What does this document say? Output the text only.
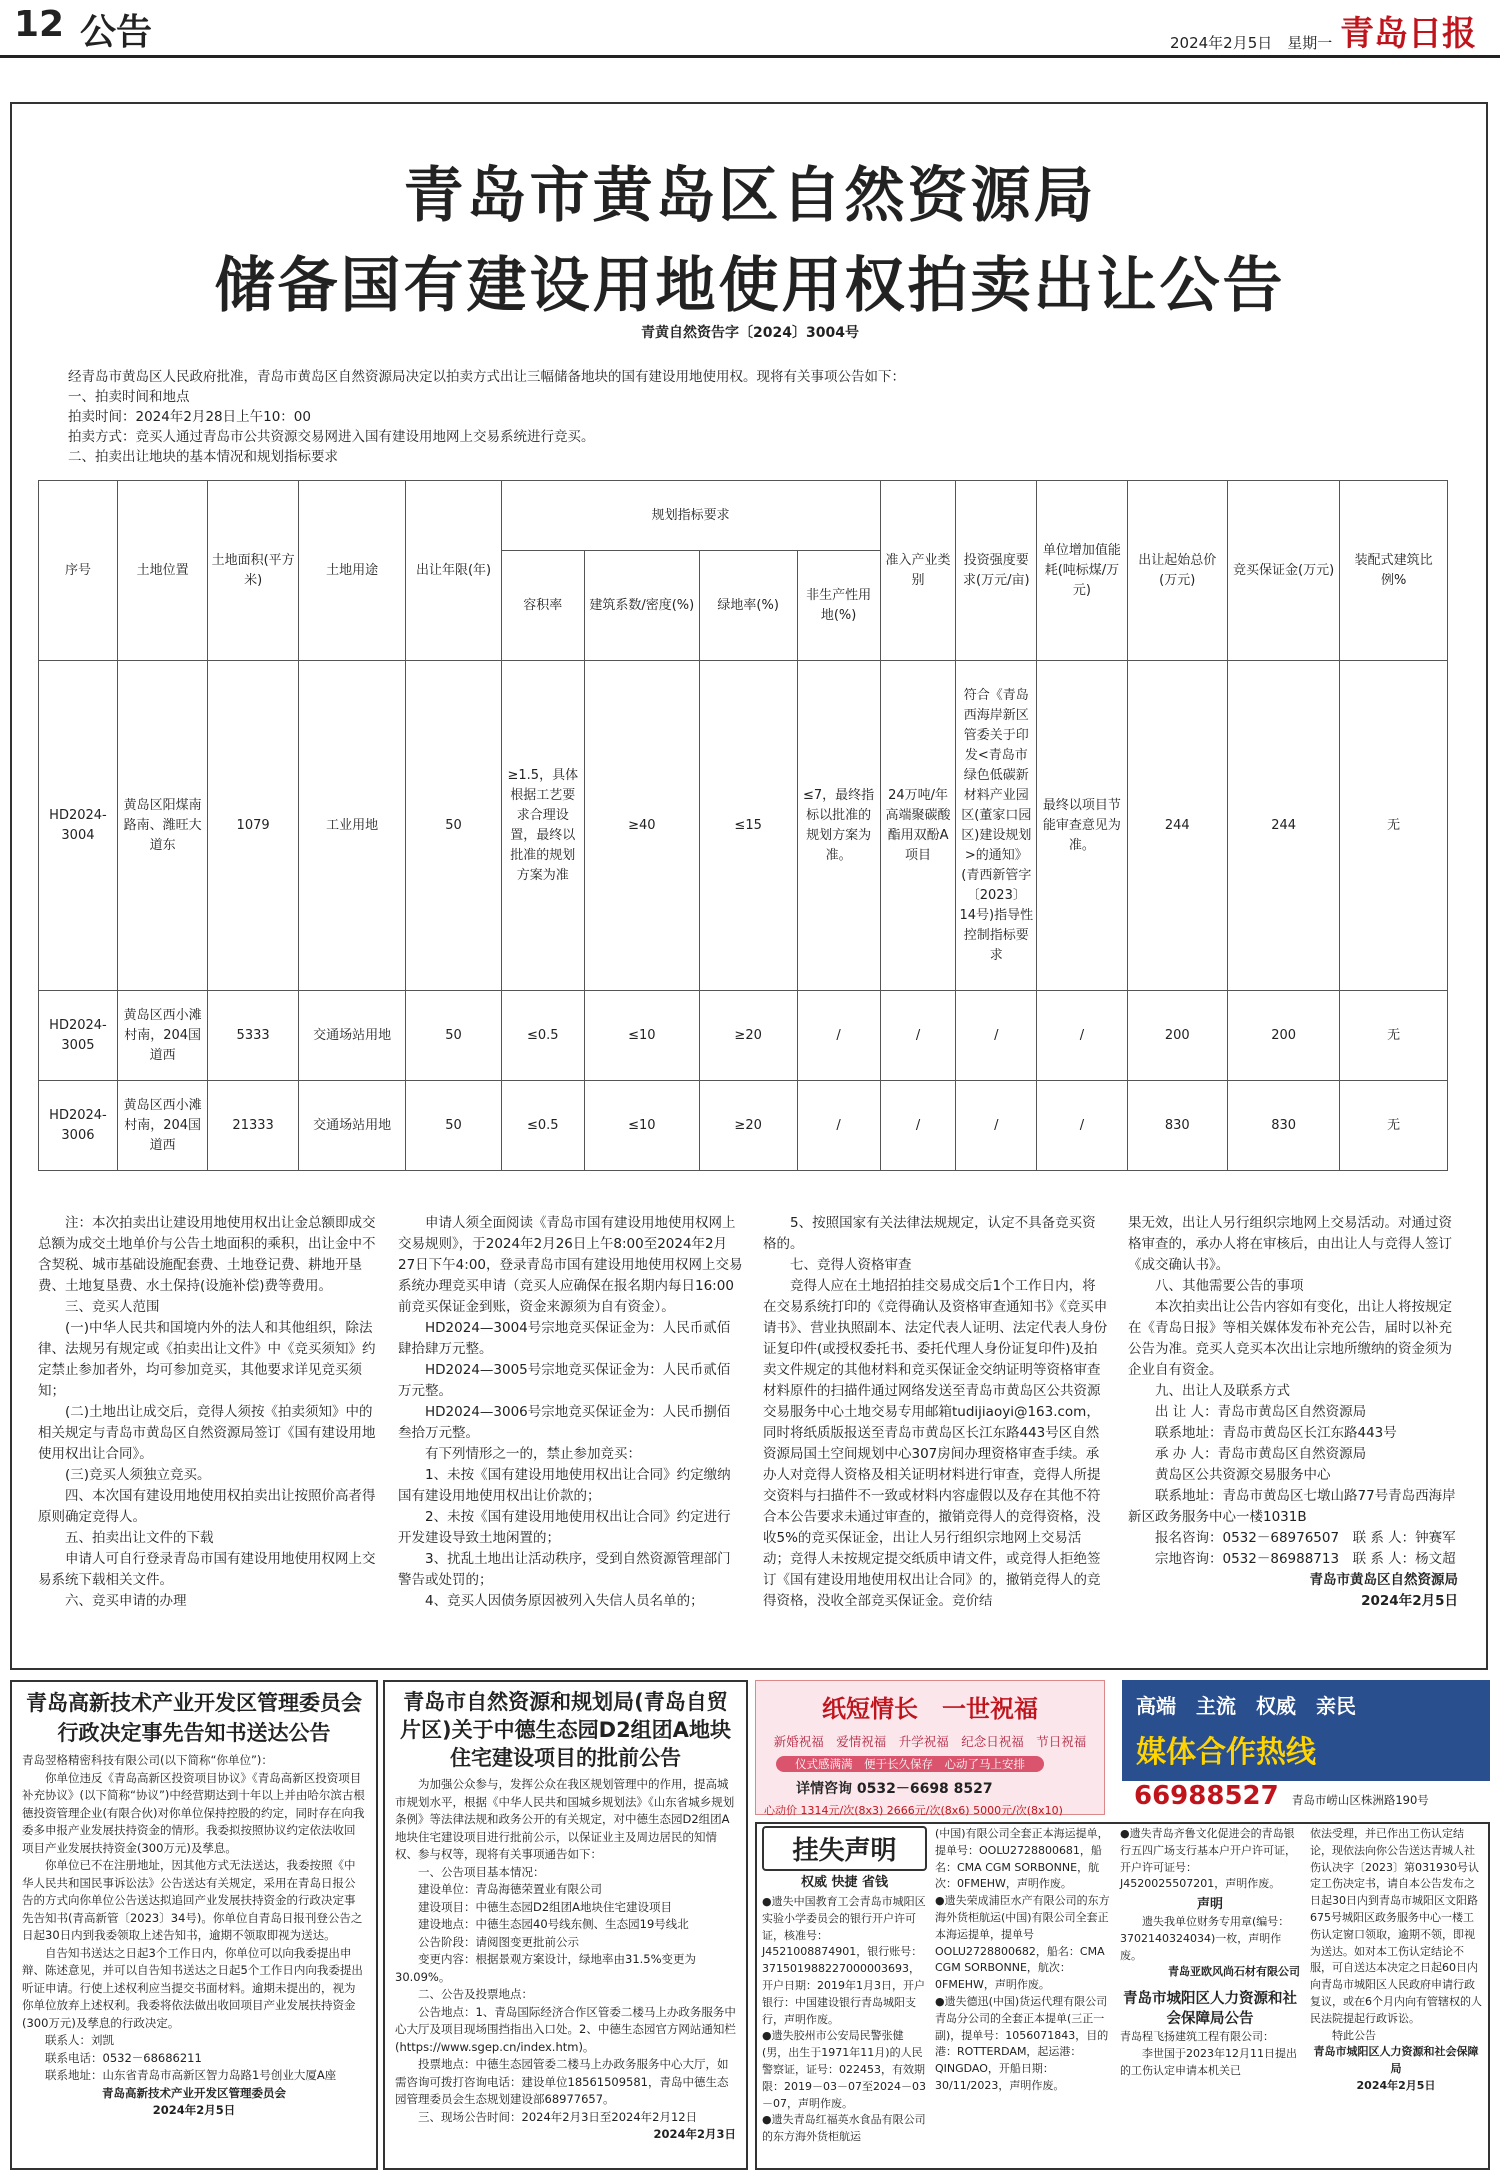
12 公告	2024年2月5日　星期一 青岛日报
青岛市黄岛区自然资源局
储备国有建设用地使用权拍卖出让公告
青黄自然资告字〔2024〕3004号
经青岛市黄岛区人民政府批准，青岛市黄岛区自然资源局决定以拍卖方式出让三幅储备地块的国有建设用地使用权。现将有关事项公告如下：
一、拍卖时间和地点
拍卖时间：2024年2月28日上午10：00
拍卖方式：竞买人通过青岛市公共资源交易网进入国有建设用地网上交易系统进行竞买。
二、拍卖出让地块的基本情况和规划指标要求
序号	土地位置	土地面积(平方米)	土地用途	出让年限(年)	规划指标要求				准入产业类别	投资强度要求(万元/亩)	单位增加值能耗(吨标煤/万元)	出让起始总价(万元)	竞买保证金(万元)	装配式建筑比例%
					容积率	建筑系数/密度(%)	绿地率(%)	非生产性用地(%)						
HD2024-3004	黄岛区阳煤南路南、潍旺大道东	1079	工业用地	50	≥1.5，具体根据工艺要求合理设置，最终以批准的规划方案为准	≥40	≤15	≤7，最终指标以批准的规划方案为准。	24万吨/年高端聚碳酸酯用双酚A项目	符合《青岛西海岸新区管委关于印发<青岛市绿色低碳新材料产业园区(董家口园区)建设规划>的通知》(青西新管字〔2023〕14号)指导性控制指标要求	最终以项目节能审查意见为准。	244	244	无
HD2024-3005	黄岛区西小滩村南，204国道西	5333	交通场站用地	50	≤0.5	≤10	≥20	/	/	/	/	200	200	无
HD2024-3006	黄岛区西小滩村南，204国道西	21333	交通场站用地	50	≤0.5	≤10	≥20	/	/	/	/	830	830	无

注：本次拍卖出让建设用地使用权出让金总额即成交总额为成交土地单价与公告土地面积的乘积，出让金中不含契税、城市基础设施配套费、土地登记费、耕地开垦费、土地复垦费、水土保持(设施补偿)费等费用。

三、竞买人范围

(一)中华人民共和国境内外的法人和其他组织，除法律、法规另有规定或《拍卖出让文件》中《竞买须知》约定禁止参加者外，均可参加竞买，其他要求详见竞买须知；

(二)土地出让成交后，竞得人须按《拍卖须知》中的相关规定与青岛市黄岛区自然资源局签订《国有建设用地使用权出让合同》。

(三)竞买人须独立竞买。

四、本次国有建设用地使用权拍卖出让按照价高者得原则确定竞得人。

五、拍卖出让文件的下载

申请人可自行登录青岛市国有建设用地使用权网上交易系统下载相关文件。

六、竞买申请的办理

申请人须全面阅读《青岛市国有建设用地使用权网上交易规则》，于2024年2月26日上午8:00至2024年2月27日下午4:00，登录青岛市国有建设用地使用权网上交易系统办理竞买申请（竞买人应确保在报名期内每日16:00前竞买保证金到账，资金来源须为自有资金）。

HD2024—3004号宗地竞买保证金为：人民币贰佰肆拾肆万元整。

HD2024—3005号宗地竞买保证金为：人民币贰佰万元整。

HD2024—3006号宗地竞买保证金为：人民币捌佰叁拾万元整。

有下列情形之一的，禁止参加竞买：

1、未按《国有建设用地使用权出让合同》约定缴纳国有建设用地使用权出让价款的；

2、未按《国有建设用地使用权出让合同》约定进行开发建设导致土地闲置的；

3、扰乱土地出让活动秩序，受到自然资源管理部门警告或处罚的；

4、竞买人因债务原因被列入失信人员名单的；

5、按照国家有关法律法规规定，认定不具备竞买资格的。

七、竞得人资格审查

竞得人应在土地招拍挂交易成交后1个工作日内，将在交易系统打印的《竞得确认及资格审查通知书》《竞买申请书》、营业执照副本、法定代表人证明、法定代表人身份证复印件(或授权委托书、委托代理人身份证复印件)及拍卖文件规定的其他材料和竞买保证金交纳证明等资格审查材料原件的扫描件通过网络发送至青岛市黄岛区公共资源交易服务中心土地交易专用邮箱tudijiaoyi@163.com，同时将纸质版报送至青岛市黄岛区长江东路443号区自然资源局国土空间规划中心307房间办理资格审查手续。承办人对竞得人资格及相关证明材料进行审查，竞得人所提交资料与扫描件不一致或材料内容虚假以及存在其他不符合本公告要求未通过审查的，撤销竞得人的竞得资格，没收5%的竞买保证金，出让人另行组织宗地网上交易活动；竞得人未按规定提交纸质申请文件，或竞得人拒绝签订《国有建设用地使用权出让合同》的，撤销竞得人的竞得资格，没收全部竞买保证金。竞价结

果无效，出让人另行组织宗地网上交易活动。对通过资格审查的，承办人将在审核后，由出让人与竞得人签订《成交确认书》。

八、其他需要公告的事项

本次拍卖出让公告内容如有变化，出让人将按规定在《青岛日报》等相关媒体发布补充公告，届时以补充公告为准。竞买人竞买本次出让宗地所缴纳的资金须为企业自有资金。

九、出让人及联系方式

出 让 人：青岛市黄岛区自然资源局

联系地址：青岛市黄岛区长江东路443号

承 办 人：青岛市黄岛区自然资源局

黄岛区公共资源交易服务中心

联系地址：青岛市黄岛区七墩山路77号青岛西海岸新区政务服务中心一楼1031B

报名咨询：0532－68976507　联 系 人：钟赛军

宗地咨询：0532－86988713　联 系 人：杨文超

青岛市黄岛区自然资源局

2024年2月5日

青岛高新技术产业开发区管理委员会行政决定事先告知书送达公告

青岛翌格精密科技有限公司(以下简称“你单位”)：

你单位违反《青岛高新区投资项目协议》《青岛高新区投资项目补充协议》(以下简称“协议”)中经营期达到十年以上并由哈尔滨古根德投资管理企业(有限合伙)对你单位保持控股的约定，同时存在向我委多申报产业发展扶持资金的情形。我委拟按照协议约定依法收回项目产业发展扶持资金(300万元)及孳息。

你单位已不在注册地址，因其他方式无法送达，我委按照《中华人民共和国民事诉讼法》公告送达有关规定，采用在青岛日报公告的方式向你单位公告送达拟追回产业发展扶持资金的行政决定事先告知书(青高新管〔2023〕34号)。你单位自青岛日报刊登公告之日起30日内到我委领取上述告知书，逾期不领取即视为送达。

自告知书送达之日起3个工作日内，你单位可以向我委提出申辩、陈述意见，并可以自告知书送达之日起5个工作日内向我委提出听证申请。行使上述权利应当提交书面材料。逾期未提出的，视为你单位放弃上述权利。我委将依法做出收回项目产业发展扶持资金(300万元)及孳息的行政决定。

联系人：刘凯

联系电话：0532－68686211

联系地址：山东省青岛市高新区智力岛路1号创业大厦A座

青岛高新技术产业开发区管理委员会

2024年2月5日

青岛市自然资源和规划局(青岛自贸片区)关于中德生态园D2组团A地块住宅建设项目的批前公告

为加强公众参与，发挥公众在我区规划管理中的作用，提高城市规划水平，根据《中华人民共和国城乡规划法》《山东省城乡规划条例》等法律法规和政务公开的有关规定，对中德生态园D2组团A地块住宅建设项目进行批前公示，以保证业主及周边居民的知情权、参与权等，现将有关事项通告如下：

一、公告项目基本情况：

建设单位：青岛海德荣置业有限公司

建设项目：中德生态园D2组团A地块住宅建设项目

建设地点：中德生态园40号线东侧、生态园19号线北

公告阶段：请阅图变更批前公示

变更内容：根据景观方案设计，绿地率由31.5%变更为30.09%。

二、公告及投票地点：

公告地点：1、青岛国际经济合作区管委二楼马上办政务服务中心大厅及项目现场围挡指出入口处。2、中德生态园官方网站通知栏(https://www.sgep.cn/index.htm)。

投票地点：中德生态园管委二楼马上办政务服务中心大厅，如需咨询可拨打咨询电话：建设单位18561509581，青岛中德生态园管理委员会生态规划建设部68977657。

三、现场公告时间：2024年2月3日至2024年2月12日

2024年2月3日

纸短情长　一世祝福
新婚祝福　爱情祝福　升学祝福　纪念日祝福　节日祝福
仪式感满满　便于长久保存　心动了马上安排
详情咨询 0532－6698 8527
心动价 1314元/次(8x3) 2666元/次(8x6) 5000元/次(8x10)
高端　主流　权威　亲民
媒体合作热线
66988527 青岛市崂山区株洲路190号
挂失声明
权威 快捷 省钱

●遗失中国教育工会青岛市城阳区实验小学委员会的银行开户许可证，核准号：J4521008874901，银行账号：371501988227000003693，开户日期：2019年1月3日，开户银行：中国建设银行青岛城阳支行，声明作废。

●遗失胶州市公安局民警张健(男，出生于1971年11月)的人民警察证，证号：022453，有效期限：2019－03－07至2024－03－07，声明作废。

●遗失青岛红福英水食品有限公司的东方海外货柜航运

(中国)有限公司全套正本海运提单，提单号：OOLU2728800681，船名：CMA CGM SORBONNE，航次：0FMEHW，声明作废。

●遗失荣成浦臣水产有限公司的东方海外货柜航运(中国)有限公司全套正本海运提单，提单号OOLU2728800682，船名：CMA CGM SORBONNE，航次：0FMEHW，声明作废。

●遗失德迅(中国)货运代理有限公司青岛分公司的全套正本提单(三正一副)，提单号：1056071843，目的港：ROTTERDAM，起运港：QINGDAO，开船日期：30/11/2023，声明作废。

●遗失青岛齐鲁文化促进会的青岛银行五四广场支行基本户开户许可证，开户许可证号：J4520025507201，声明作废。

声明

遗失我单位财务专用章(编号：3702140324034)一枚，声明作废。

青岛亚欧风尚石材有限公司

青岛市城阳区人力资源和社会保障局公告

青岛程飞扬建筑工程有限公司：

李世国于2023年12月11日提出的工伤认定申请本机关已

依法受理，并已作出工伤认定结论，现依法向你公告送达青城人社伤认决字〔2023〕第031930号认定工伤决定书，请自本公告发布之日起30日内到青岛市城阳区文阳路675号城阳区政务服务中心一楼工伤认定窗口领取，逾期不领，即视为送达。如对本工伤认定结论不服，可自送达本决定之日起60日内向青岛市城阳区人民政府申请行政复议，或在6个月内向有管辖权的人民法院提起行政诉讼。

特此公告

青岛市城阳区人力资源和社会保障局

2024年2月5日
